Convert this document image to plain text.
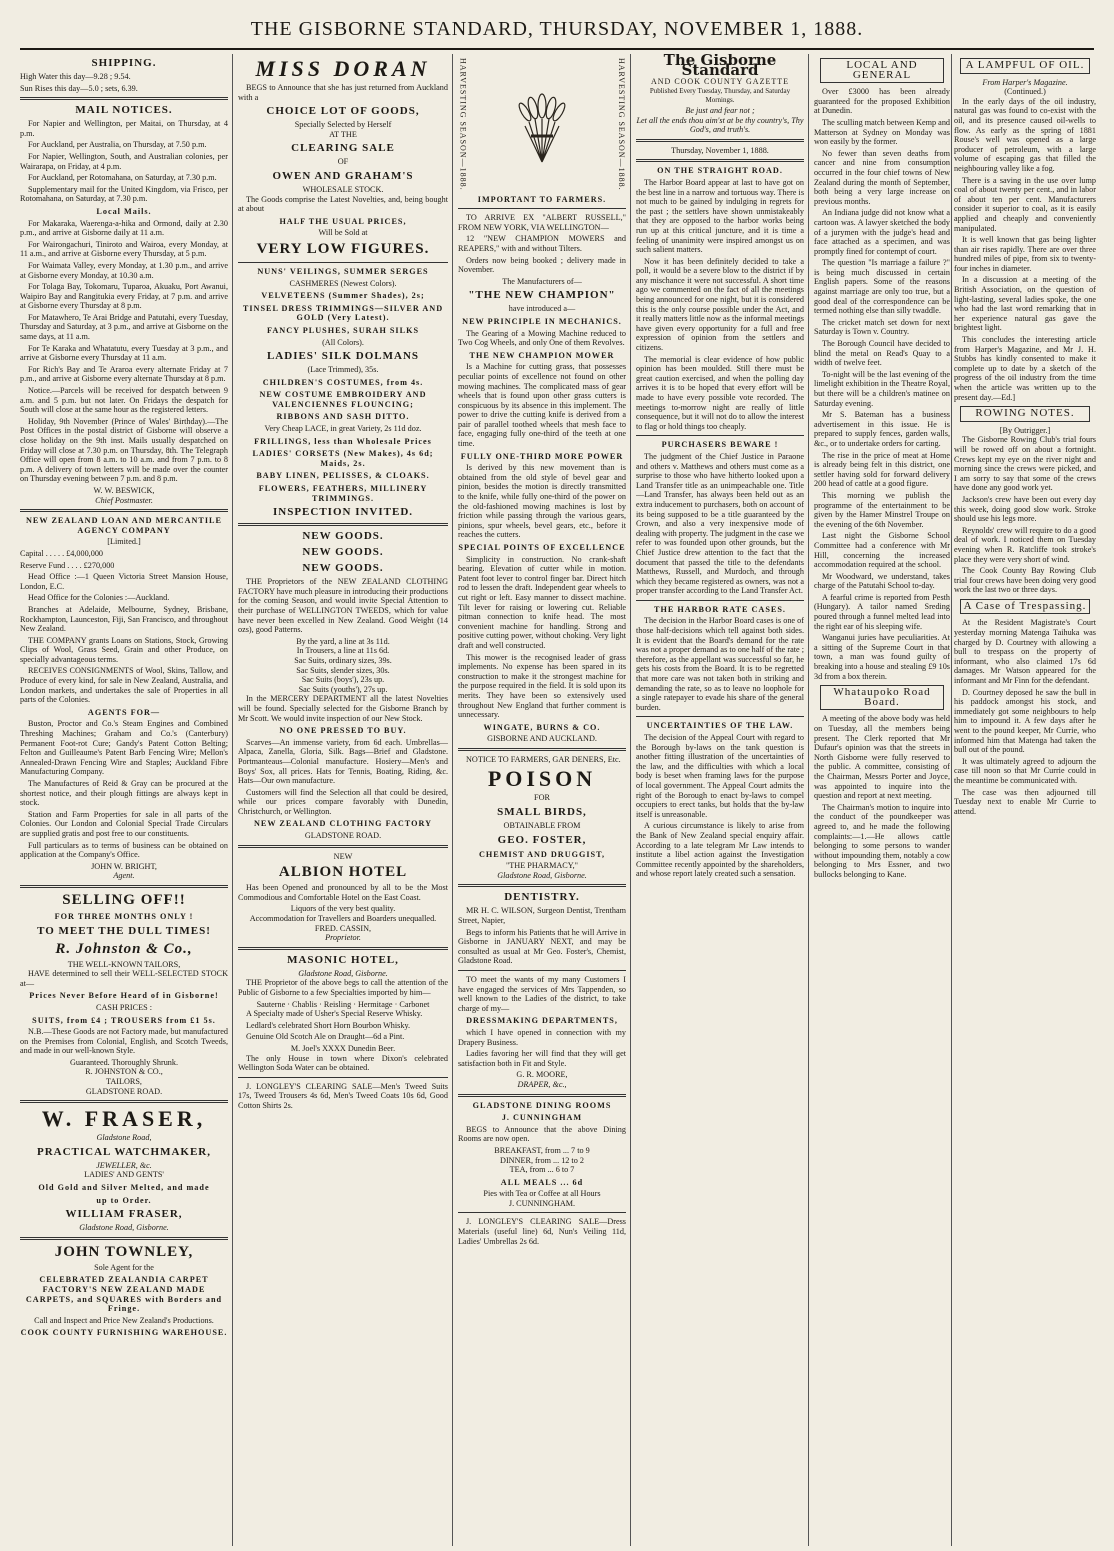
THE GISBORNE STANDARD, THURSDAY, NOVEMBER 1, 1888.
SHIPPING.
High Water this day—9.28 ; 9.54.
Sun Rises this day—5.0 ; sets, 6.39.
MAIL NOTICES.

For Napier and Wellington, per Maitai, on Thursday, at 4 p.m.

For Auckland, per Australia, on Thursday, at 7.50 p.m.

For Napier, Wellington, South, and Australian colonies, per Wairarapa, on Friday, at 4 p.m.

For Auckland, per Rotomahana, on Saturday, at 7.30 p.m.

Supplementary mail for the United Kingdom, via Frisco, per Rotomahana, on Saturday, at 7.30 p.m.

Local Mails.

For Makaraka, Waerenga-a-hika and Ormond, daily at 2.30 p.m., and arrive at Gisborne daily at 11 a.m.

For Wairongachuri, Tiniroto and Wairoa, every Monday, at 11 a.m., and arrive at Gisborne every Thursday, at 5 p.m.

For Waimata Valley, every Monday, at 1.30 p.m., and arrive at Gisborne every Monday, at 10.30 a.m.

For Tolaga Bay, Tokomaru, Tuparoa, Akuaku, Port Awanui, Waipiro Bay and Rangitukia every Friday, at 7 p.m. and arrive at Gisborne every Thursday at 8 p.m.

For Matawhero, Te Arai Bridge and Patutahi, every Tuesday, Thursday and Saturday, at 3 p.m., and arrive at Gisborne on the same days, at 11 a.m.

For Te Karaka and Whatatutu, every Tuesday at 3 p.m., and arrive at Gisborne every Thursday at 11 a.m.

For Rich's Bay and Te Araroa every alternate Friday at 7 p.m., and arrive at Gisborne every alternate Thursday at 8 p.m.

Notice.—Parcels will be received for despatch between 9 a.m. and 5 p.m. but not later. On Fridays the despatch for South will close at the same hour as the registered letters.

Holiday, 9th November (Prince of Wales' Birthday).—The Post Offices in the postal district of Gisborne will observe a close holiday on the 9th inst. Mails usually despatched on Friday will close at 7.30 p.m. on Thursday, 8th. The Telegraph Office will open from 8 a.m. to 10 a.m. and from 7 p.m. to 8 p.m. A delivery of town letters will be made over the counter on Thursday evening between 7 p.m. and 8 p.m.

W. W. BESWICK,
Chief Postmaster.
NEW ZEALAND LOAN AND MERCANTILE AGENCY COMPANY
[Limited.]
Capital . . . . . £4,000,000
Reserve Fund . . . . £270,000

Head Office :—1 Queen Victoria Street Mansion House, London, E.C.

Head Office for the Colonies :—Auckland.

Branches at Adelaide, Melbourne, Sydney, Brisbane, Rockhampton, Launceston, Fiji, San Francisco, and throughout New Zealand.

THE COMPANY grants Loans on Stations, Stock, Growing Clips of Wool, Grass Seed, Grain and other Produce, on specially advantageous terms.

RECEIVES CONSIGNMENTS of Wool, Skins, Tallow, and Produce of every kind, for sale in New Zealand, Australia, and London markets, and undertakes the sale of Properties in all parts of the Colonies.

AGENTS FOR—

Buston, Proctor and Co.'s Steam Engines and Combined Threshing Machines; Graham and Co.'s (Canterbury) Permanent Foot-rot Cure; Gandy's Patent Cotton Belting; Felton and Guilleaume's Patent Barb Fencing Wire; Mellon's Annealed-Drawn Fencing Wire and Staples; Auckland Fibre Manufacturing Company.

The Manufactures of Reid & Gray can be procured at the shortest notice, and their plough fittings are always kept in stock.

Station and Farm Properties for sale in all parts of the Colonies. Our London and Colonial Special Trade Circulars are supplied gratis and post free to our constituents.

Full particulars as to terms of business can be obtained on application at the Company's Office.

JOHN W. BRIGHT,
Agent.
SELLING OFF!!
FOR THREE MONTHS ONLY !
TO MEET THE DULL TIMES!
R. Johnston & Co.,
THE WELL-KNOWN TAILORS,

HAVE determined to sell their WELL-SELECTED STOCK at—

Prices Never Before Heard of in Gisborne!
CASH PRICES :
SUITS, from £4 ; TROUSERS from £1 5s.

N.B.—These Goods are not Factory made, but manufactured on the Premises from Colonial, English, and Scotch Tweeds, and made in our well-known Style.

Guaranteed. Thoroughly Shrunk.
R. JOHNSTON & CO.,
TAILORS,
GLADSTONE ROAD.
W. FRASER,
Gladstone Road,
PRACTICAL WATCHMAKER,
JEWELLER, &c.
LADIES' AND GENTS'
Old Gold and Silver Melted, and made
up to Order.
WILLIAM FRASER,
Gladstone Road, Gisborne.
JOHN TOWNLEY,
Sole Agent for the
CELEBRATED ZEALANDIA CARPET FACTORY'S NEW ZEALAND MADE CARPETS, and SQUARES with Borders and Fringe.
Call and Inspect and Price New Zealand's Productions.
COOK COUNTY FURNISHING WAREHOUSE.
MISS DORAN

BEGS to Announce that she has just returned from Auckland with a

CHOICE LOT OF GOODS,
Specially Selected by Herself
AT THE
CLEARING SALE
OF
OWEN AND GRAHAM'S
WHOLESALE STOCK.

The Goods comprise the Latest Novelties, and, being bought at about

HALF THE USUAL PRICES,
Will be Sold at
VERY LOW FIGURES.
NUNS' VEILINGS, SUMMER SERGES
CASHMERES (Newest Colors).
VELVETEENS (Summer Shades), 2s;
TINSEL DRESS TRIMMINGS—SILVER AND GOLD (Very Latest).
FANCY PLUSHES, SURAH SILKS
(All Colors).
LADIES' SILK DOLMANS
(Lace Trimmed), 35s.
CHILDREN'S COSTUMES, from 4s.
NEW COSTUME EMBROIDERY AND VALENCIENNES FLOUNCING;
RIBBONS AND SASH DITTO.
Very Cheap LACE, in great Variety, 2s 11d doz.
FRILLINGS, less than Wholesale Prices
LADIES' CORSETS (New Makes), 4s 6d; Maids, 2s.
BABY LINEN, PELISSES, & CLOAKS.
FLOWERS, FEATHERS, MILLINERY TRIMMINGS.
INSPECTION INVITED.
NEW GOODS.
NEW GOODS.
NEW GOODS.

THE Proprietors of the NEW ZEALAND CLOTHING FACTORY have much pleasure in introducing their productions for the coming Season, and would invite Special Attention to their purchase of WELLINGTON TWEEDS, which for value have never been excelled in New Zealand. Good Weight (14 ozs), good Patterns.

By the yard, a line at 3s 11d.
In Trousers, a line at 11s 6d.
Sac Suits, ordinary sizes, 39s.
Sac Suits, slender sizes, 30s.
Sac Suits (boys'), 23s up.
Sac Suits (youths'), 27s up.

In the MERCERY DEPARTMENT all the latest Novelties will be found. Specially selected for the Gisborne Branch by Mr Scott. We would invite inspection of our New Stock.

NO ONE PRESSED TO BUY.

Scarves—An immense variety, from 6d each. Umbrellas—Alpaca, Zanella, Gloria, Silk. Bags—Brief and Gladstone. Portmanteaus—Colonial manufacture. Hosiery—Men's and Boys' Sox, all prices. Hats for Tennis, Boating, Riding, &c. Hats—Our own manufacture.

Customers will find the Selection all that could be desired, while our prices compare favorably with Dunedin, Christchurch, or Wellington.

NEW ZEALAND CLOTHING FACTORY
GLADSTONE ROAD.
NEW
ALBION HOTEL

Has been Opened and pronounced by all to be the Most Commodious and Comfortable Hotel on the East Coast.

Liquors of the very best quality.
Accommodation for Travellers and Boarders unequalled.
FRED. CASSIN,
Proprietor.
MASONIC HOTEL,
Gladstone Road, Gisborne.

THE Proprietor of the above begs to call the attention of the Public of Gisborne to a few Specialties imported by him—

Sauterne · Chablis · Reisling · Hermitage · Carbonet

A Specialty made of Usher's Special Reserve Whisky.

Ledlard's celebrated Short Horn Bourbon Whisky.

Genuine Old Scotch Ale on Draught—6d a Pint.

M. Joel's XXXX Dunedin Beer.

The only House in town where Dixon's celebrated Wellington Soda Water can be obtained.

J. LONGLEY'S CLEARING SALE—Men's Tweed Suits 17s, Tweed Trousers 4s 6d, Men's Tweed Coats 10s 6d, Good Cotton Shirts 2s.

HARVESTING SEASON—1888.	HARVESTING SEASON—1888.
IMPORTANT TO FARMERS.

TO ARRIVE EX "ALBERT RUSSELL," FROM NEW YORK, VIA WELLINGTON—

12 "NEW CHAMPION MOWERS and REAPERS," with and without Tilters.

Orders now being booked ; delivery made in November.

The Manufacturers of—
"THE NEW CHAMPION"
have introduced a—
NEW PRINCIPLE IN MECHANICS.

The Gearing of a Mowing Machine reduced to Two Cog Wheels, and only One of them Revolves.

THE NEW CHAMPION MOWER

Is a Machine for cutting grass, that possesses peculiar points of excellence not found on other mowing machines. The complicated mass of gear wheels that is found upon other grass cutters is conspicuous by its absence in this implement. The power to drive the cutting knife is derived from a pair of parallel toothed wheels that mesh face to face, engaging fully one-third of the teeth at one time.

FULLY ONE-THIRD MORE POWER

Is derived by this new movement than is obtained from the old style of bevel gear and pinion, besides the motion is directly transmitted to the knife, while fully one-third of the power on the old-fashioned mowing machines is lost by friction while passing through the various gears, pinions, spur wheels, bevel gears, etc., before it reaches the cutters.

SPECIAL POINTS OF EXCELLENCE

Simplicity in construction. No crank-shaft bearing. Elevation of cutter while in motion. Patent foot lever to control finger bar. Direct hitch rod to lessen the draft. Independent gear wheels to cut right or left. Easy manner to dissect machine. Tilt lever for raising or lowering cut. Reliable pitman connection to knife head. The most convenient machine for handling. Strong and positive cutting power, without choking. Very light draft and well constructed.

This mower is the recognised leader of grass implements. No expense has been spared in its construction to make it the strongest machine for the purpose required in the field. It is sold upon its merits. They have been so extensively used throughout New England that further comment is unnecessary.

WINGATE, BURNS & CO.
GISBORNE AND AUCKLAND.

NOTICE TO FARMERS, GAR DENERS, Etc.

POISON
FOR
SMALL BIRDS,
OBTAINABLE FROM
GEO. FOSTER,
CHEMIST AND DRUGGIST,
"THE PHARMACY,"
Gladstone Road, Gisborne.
DENTISTRY.

MR H. C. WILSON, Surgeon Dentist, Trentham Street, Napier,

Begs to inform his Patients that he will Arrive in Gisborne in JANUARY NEXT, and may be consulted as usual at Mr Geo. Foster's, Chemist, Gladstone Road.

TO meet the wants of my many Customers I have engaged the services of Mrs Tappenden, so well known to the Ladies of the district, to take charge of my—

DRESSMAKING DEPARTMENTS,

which I have opened in connection with my Drapery Business.

Ladies favoring her will find that they will get satisfaction both in Fit and Style.

G. R. MOORE,
DRAPER, &c.,
GLADSTONE DINING ROOMS
J. CUNNINGHAM

BEGS to Announce that the above Dining Rooms are now open.

BREAKFAST, from ... 7 to 9
DINNER, from ... 12 to 2
TEA, from ... 6 to 7
ALL MEALS ... 6d
Pies with Tea or Coffee at all Hours
J. CUNNINGHAM.

J. LONGLEY'S CLEARING SALE—Dress Materials (useful line) 6d, Nun's Veiling 11d, Ladies' Umbrellas 2s 6d.

The Gisborne Standard
AND COOK COUNTY GAZETTE
Published Every Tuesday, Thursday, and Saturday Mornings.
Be just and fear not ;
Let all the ends thou aim'st at be thy country's, Thy God's, and truth's.
Thursday, November 1, 1888.
ON THE STRAIGHT ROAD.

The Harbor Board appear at last to have got on the best line in a narrow and tortuous way. There is not much to be gained by indulging in regrets for the past ; the settlers have shown unmistakeably that they are opposed to the harbor works being run up at this critical juncture, and it is time a feeling of unanimity were inspired amongst us on such salient matters.

Now it has been definitely decided to take a poll, it would be a severe blow to the district if by any mischance it were not successful. A short time ago we commented on the fact of all the meetings being announced for one night, but it is considered this is the only course possible under the Act, and it really matters little now as the informal meetings have given every opportunity for a full and free expression of opinion from the settlers and citizens.

The memorial is clear evidence of how public opinion has been moulded. Still there must be great caution exercised, and when the polling day arrives it is to be hoped that every effort will be made to have every possible vote recorded. The meetings to-morrow night are really of little consequence, but it will not do to allow the interest to flag or hold things too cheaply.

PURCHASERS BEWARE !

The judgment of the Chief Justice in Paraone and others v. Matthews and others must come as a surprise to those who have hitherto looked upon a Land Transfer title as an unimpeachable one. Title—Land Transfer, has always been held out as an extra inducement to purchasers, both on account of its being supposed to be a title guaranteed by the Crown, and also a very inexpensive mode of dealing with property. The judgment in the case we refer to was founded upon other grounds, but the Chief Justice drew attention to the fact that the document that passed the title to the defendants Matthews, Russell, and Murdoch, and through which they became registered as owners, was not a proper transfer according to the Land Transfer Act.

THE HARBOR RATE CASES.

The decision in the Harbor Board cases is one of those half-decisions which tell against both sides. It is evident that the Board's demand for the rate was not a proper demand as to one half of the rate ; therefore, as the appellant was successful so far, he gets his costs from the Board. It is to be regretted that more care was not taken both in striking and demanding the rate, so as to leave no loophole for a single ratepayer to evade his share of the general burden.

UNCERTAINTIES OF THE LAW.

The decision of the Appeal Court with regard to the Borough by-laws on the tank question is another fitting illustration of the uncertainties of the law, and the difficulties with which a local body is beset when framing laws for the purpose of local government. The Appeal Court admits the right of the Borough to enact by-laws to compel occupiers to erect tanks, but holds that the by-law itself is unreasonable.

A curious circumstance is likely to arise from the Bank of New Zealand special enquiry affair. According to a late telegram Mr Law intends to institute a libel action against the Investigation Committee recently appointed by the shareholders, and whose report lately created such a sensation.

LOCAL AND GENERAL

Over £3000 has been already guaranteed for the proposed Exhibition at Dunedin.

The sculling match between Kemp and Matterson at Sydney on Monday was won easily by the former.

No fewer than seven deaths from cancer and nine from consumption occurred in the four chief towns of New Zealand during the month of September, both being a very large increase on previous months.

An Indiana judge did not know what a cartoon was. A lawyer sketched the body of a jurymen with the judge's head and face attached as a specimen, and was promptly fined for contempt of court.

The question "Is marriage a failure ?" is being much discussed in certain English papers. Some of the reasons against marriage are only too true, but a good deal of the correspondence can be termed nothing else than silly twaddle.

The cricket match set down for next Saturday is Town v. Country.

The Borough Council have decided to blind the metal on Read's Quay to a width of twelve feet.

To-night will be the last evening of the limelight exhibition in the Theatre Royal, but there will be a children's matinee on Saturday evening.

Mr S. Bateman has a business advertisement in this issue. He is prepared to supply fences, garden walls, &c., or to undertake orders for carting.

The rise in the price of meat at Home is already being felt in this district, one settler having sold for forward delivery 200 head of cattle at a good figure.

This morning we publish the programme of the entertainment to be given by the Hamer Minstrel Troupe on the evening of the 6th November.

Last night the Gisborne School Committee had a conference with Mr Hill, concerning the increased accommodation required at the school.

Mr Woodward, we understand, takes charge of the Patutahi School to-day.

A fearful crime is reported from Pesth (Hungary). A tailor named Sreding poured through a funnel melted lead into the right ear of his sleeping wife.

Wanganui juries have peculiarities. At a sitting of the Supreme Court in that town, a man was found guilty of breaking into a house and stealing £9 10s 3d from a box therein.

Whataupoko Road Board.

A meeting of the above body was held on Tuesday, all the members being present. The Clerk reported that Mr Dufaur's opinion was that the streets in North Gisborne were fully reserved to the public. A committee, consisting of the Chairman, Messrs Porter and Joyce, was appointed to inquire into the question and report at next meeting.

The Chairman's motion to inquire into the conduct of the poundkeeper was agreed to, and he made the following complaints:—1.—He allows cattle belonging to some persons to wander without impounding them, notably a cow belonging to Mrs Essner, and two bullocks belonging to Kane.

A LAMPFUL OF OIL.
From Harper's Magazine.
(Continued.)

In the early days of the oil industry, natural gas was found to co-exist with the oil, and its presence caused oil-wells to flow. As early as the spring of 1881 Rouse's well was opened as a large producer of petroleum, with a large volume of escaping gas that filled the neighbouring valley like a fog.

There is a saving in the use over lump coal of about twenty per cent., and in labor of about ten per cent. Manufacturers consider it superior to coal, as it is easily applied and cheaply and conveniently manipulated.

It is well known that gas being lighter than air rises rapidly. There are over three hundred miles of pipe, from six to twenty-four inches in diameter.

In a discussion at a meeting of the British Association, on the question of light-lasting, several ladies spoke, the one who had the last word remarking that in her experience natural gas gave the brightest light.

This concludes the interesting article from Harper's Magazine, and Mr J. H. Stubbs has kindly consented to make it complete up to date by a sketch of the progress of the oil industry from the time when the article was written up to the present day.—Ed.]

ROWING NOTES.
[By Outrigger.]

The Gisborne Rowing Club's trial fours will be rowed off on about a fortnight. Crews kept my eye on the river night and morning since the crews were picked, and I am sorry to say that some of the crews have done any good work yet.

Jackson's crew have been out every day this week, doing good slow work. Stroke should use his legs more.

Reynolds' crew will require to do a good deal of work. I noticed them on Tuesday evening when R. Ratcliffe took stroke's place they were very short of wind.

The Cook County Bay Rowing Club trial four crews have been doing very good work the last two or three days.

A Case of Trespassing.

At the Resident Magistrate's Court yesterday morning Matenga Taihuka was charged by D. Courtney with allowing a bull to trespass on the property of informant, who also claimed 17s 6d damages. Mr Watson appeared for the informant and Mr Finn for the defendant.

D. Courtney deposed he saw the bull in his paddock amongst his stock, and immediately got some neighbours to help him to impound it. A few days after he went to the pound keeper, Mr Currie, who informed him that Matenga had taken the bull out of the pound.

It was ultimately agreed to adjourn the case till noon so that Mr Currie could in the meantime be communicated with.

The case was then adjourned till Tuesday next to enable Mr Currie to attend.
